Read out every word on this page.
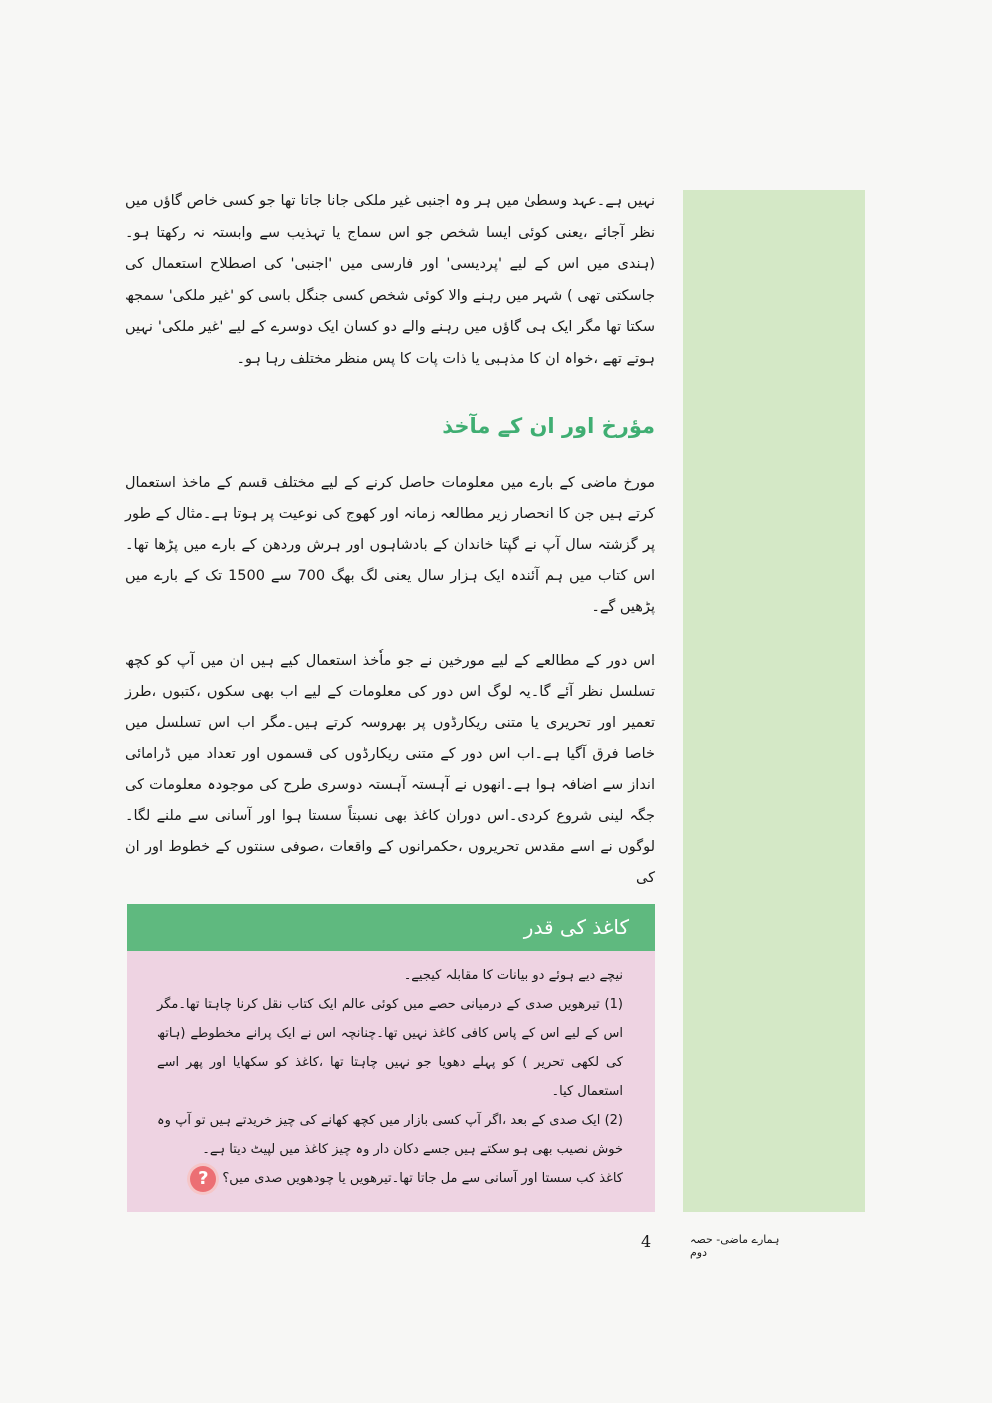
نہیں ہے۔عہد وسطیٰ میں ہر وہ اجنبی غیر ملکی جانا جاتا تھا جو کسی خاص گاؤں میں نظر آجائے ،یعنی کوئی ایسا شخص جو اس سماج یا تہذیب سے وابستہ نہ رکھتا ہو۔(ہندی میں اس کے لیے 'پردیسی' اور فارسی میں 'اجنبی' کی اصطلاح استعمال کی جاسکتی تھی ) شہر میں رہنے والا کوئی شخص کسی جنگل باسی کو 'غیر ملکی' سمجھ سکتا تھا مگر ایک ہی گاؤں میں رہنے والے دو کسان ایک دوسرے کے لیے 'غیر ملکی' نہیں ہوتے تھے ،خواہ ان کا مذہبی یا ذات پات کا پس منظر مختلف رہا ہو۔

مؤرخ اور ان کے مآخذ

مورخ ماضی کے بارے میں معلومات حاصل کرنے کے لیے مختلف قسم کے ماخذ استعمال کرتے ہیں جن کا انحصار زیر مطالعہ زمانہ اور کھوج کی نوعیت پر ہوتا ہے۔مثال کے طور پر گزشتہ سال آپ نے گپتا خاندان کے بادشاہوں اور ہرش وردھن کے بارے میں پڑھا تھا۔اس کتاب میں ہم آئندہ ایک ہزار سال یعنی لگ بھگ 700 سے 1500 تک کے بارے میں پڑھیں گے۔

اس دور کے مطالعے کے لیے مورخین نے جو ماٗخذ استعمال کیے ہیں ان میں آپ کو کچھ تسلسل نظر آئے گا۔یہ لوگ اس دور کی معلومات کے لیے اب بھی سکوں ،کتبوں ،طرز تعمیر اور تحریری یا متنی ریکارڈوں پر بھروسہ کرتے ہیں۔مگر اب اس تسلسل میں خاصا فرق آگیا ہے۔اب اس دور کے متنی ریکارڈوں کی قسموں اور تعداد میں ڈرامائی انداز سے اضافہ ہوا ہے۔انھوں نے آہستہ آہستہ دوسری طرح کی موجودہ معلومات کی جگہ لینی شروع کردی۔اس دوران کاغذ بھی نسبتاً سستا ہوا اور آسانی سے ملنے لگا۔لوگوں نے اسے مقدس تحریروں ،حکمرانوں کے واقعات ،صوفی سنتوں کے خطوط اور ان کی

کاغذ کی قدر
نیچے دیے ہوئے دو بیانات کا مقابلہ کیجیے۔
(1) تیرھویں صدی کے درمیانی حصے میں کوئی عالم ایک کتاب نقل کرنا چاہتا تھا۔مگر اس کے لیے اس کے پاس کافی کاغذ نہیں تھا۔چنانچہ اس نے ایک پرانے مخطوطے (ہاتھ کی لکھی تحریر ) کو پہلے دھویا جو نہیں چاہتا تھا ،کاغذ کو سکھایا اور پھر اسے استعمال کیا۔
(2) ایک صدی کے بعد ،اگر آپ کسی بازار میں کچھ کھانے کی چیز خریدتے ہیں تو آپ وہ خوش نصیب بھی ہو سکتے ہیں جسے دکان دار وہ چیز کاغذ میں لپیٹ دیتا ہے۔
کاغذ کب سستا اور آسانی سے مل جاتا تھا۔تیرھویں یا چودھویں صدی میں؟
?
4	ہمارے ماضی- حصہ دوم
